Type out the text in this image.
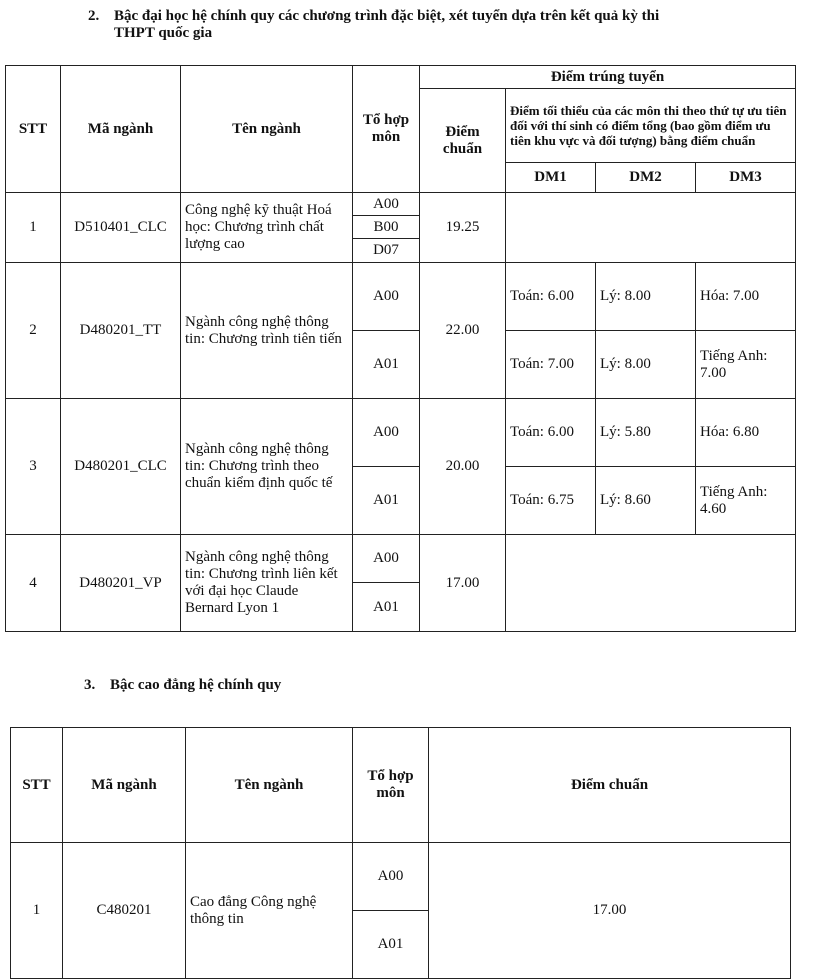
2. Bậc đại học hệ chính quy các chương trình đặc biệt, xét tuyển dựa trên kết quả kỳ thi
THPT quốc gia
STT	Mã ngành	Tên ngành	Tổ hợp môn	Điểm trúng tuyển			
				Điểm chuẩn	Điểm tối thiểu của các môn thi theo thứ tự ưu tiên đối với thí sinh có điểm tổng (bao gồm điểm ưu tiên khu vực và đối tượng) bằng điểm chuẩn		
					DM1	DM2	DM3
1	D510401_CLC	Công nghệ kỹ thuật Hoá học: Chương trình chất lượng cao	A00	19.25			
			B00				
			D07				
2	D480201_TT	Ngành công nghệ thông tin: Chương trình tiên tiến	A00	22.00	Toán: 6.00	Lý: 8.00	Hóa: 7.00
			A01		Toán: 7.00	Lý: 8.00	Tiếng Anh: 7.00
3	D480201_CLC	Ngành công nghệ thông tin: Chương trình theo chuẩn kiểm định quốc tế	A00	20.00	Toán: 6.00	Lý: 5.80	Hóa: 6.80
			A01		Toán: 6.75	Lý: 8.60	Tiếng Anh: 4.60
4	D480201_VP	Ngành công nghệ thông tin: Chương trình liên kết với đại học Claude Bernard Lyon 1	A00	17.00			
			A01				
3. Bậc cao đẳng hệ chính quy
STT	Mã ngành	Tên ngành	Tổ hợp môn	Điểm chuẩn
1	C480201	Cao đẳng Công nghệ thông tin	A00	17.00
			A01	
